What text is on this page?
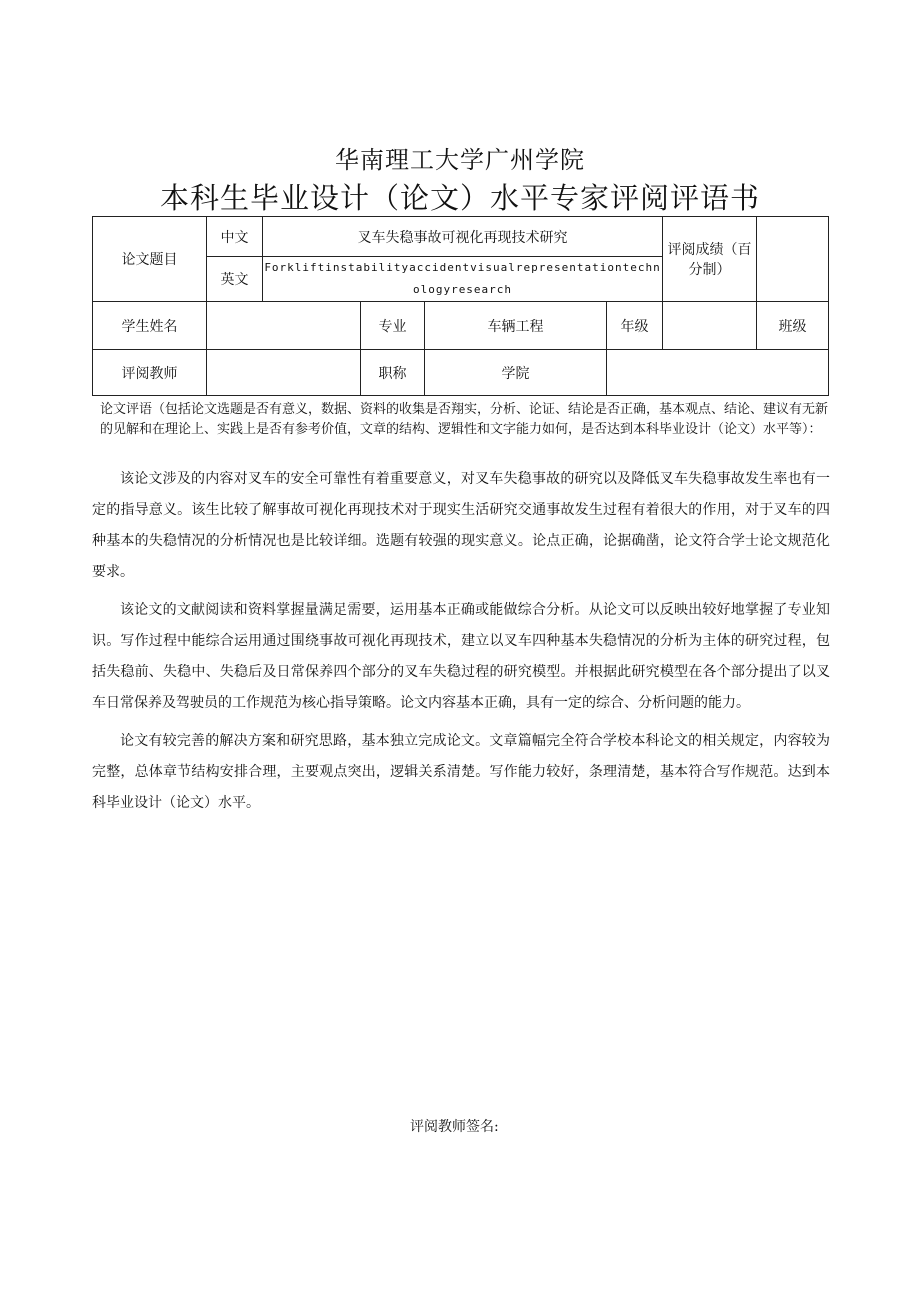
华南理工大学广州学院
本科生毕业设计（论文）水平专家评阅评语书
论文题目	中文	叉车失稳事故可视化再现技术研究				评阅成绩（百分制）	
	英文	Forkliftinstabilityaccidentvisualrepresentationtechnologyresearch					
学生姓名			专业	车辆工程	年级		班级
评阅教师			职称	学院			
论文评语（包括论文选题是否有意义，数据、资料的收集是否翔实，分析、论证、结论是否正确，基本观点、结论、建议有无新的见解和在理论上、实践上是否有参考价值，文章的结构、逻辑性和文字能力如何，是否达到本科毕业设计（论文）水平等）：

该论文涉及的内容对叉车的安全可靠性有着重要意义，对叉车失稳事故的研究以及降低叉车失稳事故发生率也有一定的指导意义。该生比较了解事故可视化再现技术对于现实生活研究交通事故发生过程有着很大的作用，对于叉车的四种基本的失稳情况的分析情况也是比较详细。选题有较强的现实意义。论点正确，论据确凿，论文符合学士论文规范化要求。

该论文的文献阅读和资料掌握量满足需要，运用基本正确或能做综合分析。从论文可以反映出较好地掌握了专业知识。写作过程中能综合运用通过围绕事故可视化再现技术，建立以叉车四种基本失稳情况的分析为主体的研究过程，包括失稳前、失稳中、失稳后及日常保养四个部分的叉车失稳过程的研究模型。并根据此研究模型在各个部分提出了以叉车日常保养及驾驶员的工作规范为核心指导策略。论文内容基本正确，具有一定的综合、分析问题的能力。

论文有较完善的解决方案和研究思路，基本独立完成论文。文章篇幅完全符合学校本科论文的相关规定，内容较为完整，总体章节结构安排合理，主要观点突出，逻辑关系清楚。写作能力较好，条理清楚，基本符合写作规范。达到本科毕业设计（论文）水平。

评阅教师签名:
